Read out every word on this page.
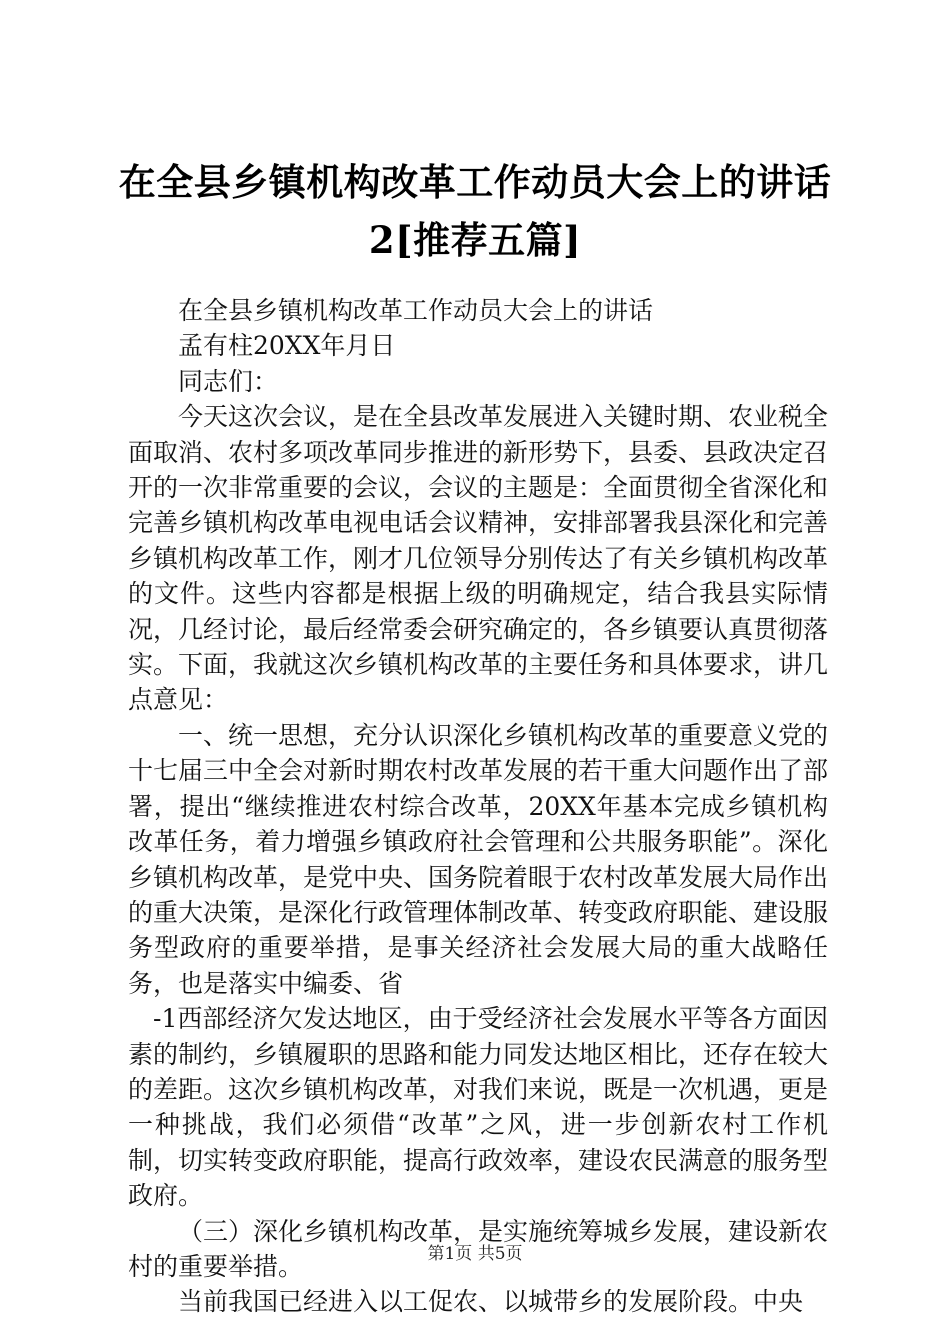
在全县乡镇机构改革工作动员大会上的讲话
2[推荐五篇]

在全县乡镇机构改革工作动员大会上的讲话

孟有柱20XX年月日

同志们：

今天这次会议，是在全县改革发展进入关键时期、农业税全面取消、农村多项改革同步推进的新形势下，县委、县政决定召开的一次非常重要的会议，会议的主题是：全面贯彻全省深化和完善乡镇机构改革电视电话会议精神，安排部署我县深化和完善乡镇机构改革工作，刚才几位领导分别传达了有关乡镇机构改革的文件。这些内容都是根据上级的明确规定，结合我县实际情况，几经讨论，最后经常委会研究确定的，各乡镇要认真贯彻落实。下面，我就这次乡镇机构改革的主要任务和具体要求，讲几点意见：

一、统一思想，充分认识深化乡镇机构改革的重要意义党的十七届三中全会对新时期农村改革发展的若干重大问题作出了部署，提出“继续推进农村综合改革，20XX年基本完成乡镇机构改革任务，着力增强乡镇政府社会管理和公共服务职能”。深化乡镇机构改革，是党中央、国务院着眼于农村改革发展大局作出的重大决策，是深化行政管理体制改革、转变政府职能、建设服务型政府的重要举措，是事关经济社会发展大局的重大战略任务，也是落实中编委、省

-1西部经济欠发达地区，由于受经济社会发展水平等各方面因素的制约，乡镇履职的思路和能力同发达地区相比，还存在较大的差距。这次乡镇机构改革，对我们来说，既是一次机遇，更是一种挑战，我们必须借“改革”之风，进一步创新农村工作机制，切实转变政府职能，提高行政效率，建设农民满意的服务型政府。

（三）深化乡镇机构改革，是实施统筹城乡发展，建设新农村的重要举措。

当前我国已经进入以工促农、以城带乡的发展阶段。中央

第1页 共5页
